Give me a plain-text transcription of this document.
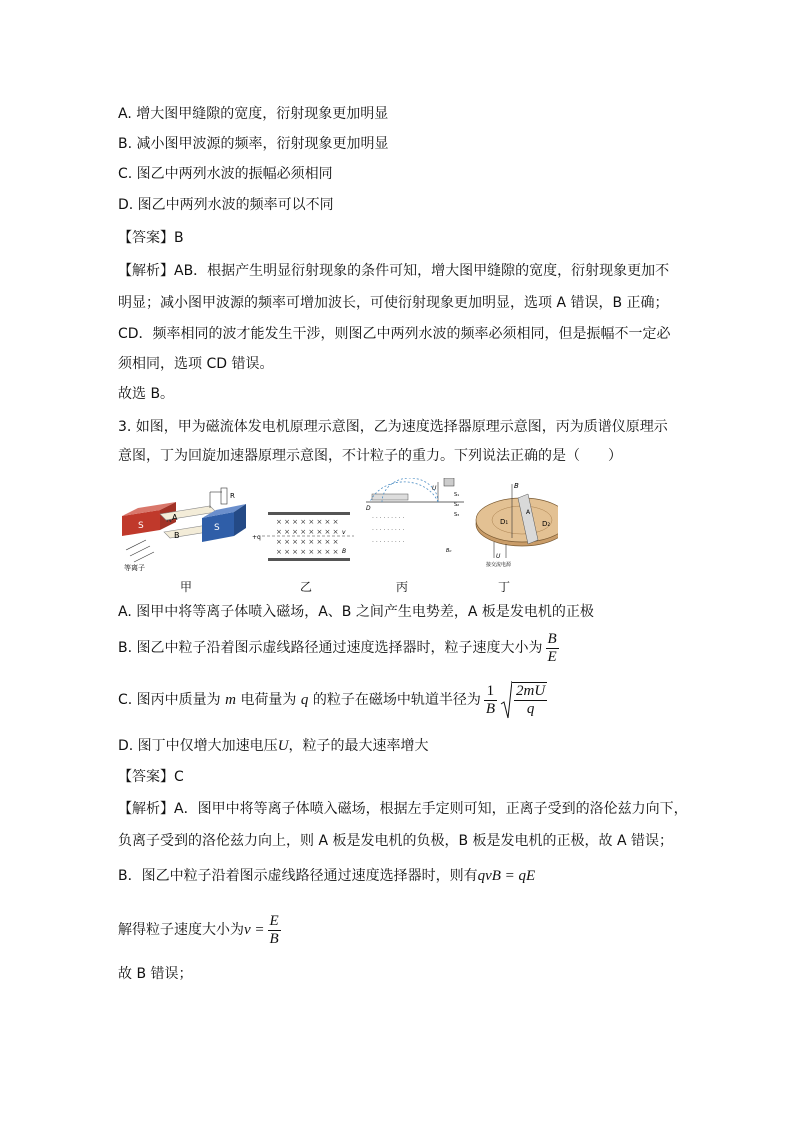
A. 增大图甲缝隙的宽度，衍射现象更加明显
B. 减小图甲波源的频率，衍射现象更加明显
C. 图乙中两列水波的振幅必须相同
D. 图乙中两列水波的频率可以不同
【答案】B
【解析】AB．根据产生明显衍射现象的条件可知，增大图甲缝隙的宽度，衍射现象更加不
明显；减小图甲波源的频率可增加波长，可使衍射现象更加明显，选项 A 错误，B 正确；
CD．频率相同的波才能发生干涉，则图乙中两列水波的频率必须相同，但是振幅不一定必
须相同，选项 CD 错误。
故选 B。
3. 如图，甲为磁流体发电机原理示意图，乙为速度选择器原理示意图，丙为质谱仪原理示
意图，丁为回旋加速器原理示意图，不计粒子的重力。下列说法正确的是（　　）
S
A
B
S
R
等离子
× × × × × × × ×
× × × × × × × ×
× × × × × × × ×
× × × × × × × ×
+q
v
B
D
U
S₁
S₂
S₃
· · · · · · · · ·
· · · · · · · · ·
· · · · · · · · ·
B₀
B
D₁	D₂
A
U
接交流电源
甲	乙	丙	丁
A. 图甲中将等离子体喷入磁场，A、B 之间产生电势差，A 板是发电机的正极
B. 图乙中粒子沿着图示虚线路径通过速度选择器时，粒子速度大小为 $\frac{B}{E}$
C. 图丙中质量为 m 电荷量为 q 的粒子在磁场中轨道半径为 $\frac{1}{B} \frac{2mU}{q}$
D. 图丁中仅增大加速电压U，粒子的最大速率增大
【答案】C
【解析】A．图甲中将等离子体喷入磁场，根据左手定则可知，正离子受到的洛伦兹力向下，
负离子受到的洛伦兹力向上，则 A 板是发电机的负极，B 板是发电机的正极，故 A 错误；
B．图乙中粒子沿着图示虚线路径通过速度选择器时，则有qvB = qE
解得粒子速度大小为$v = \frac{E}{B}$
故 B 错误；
